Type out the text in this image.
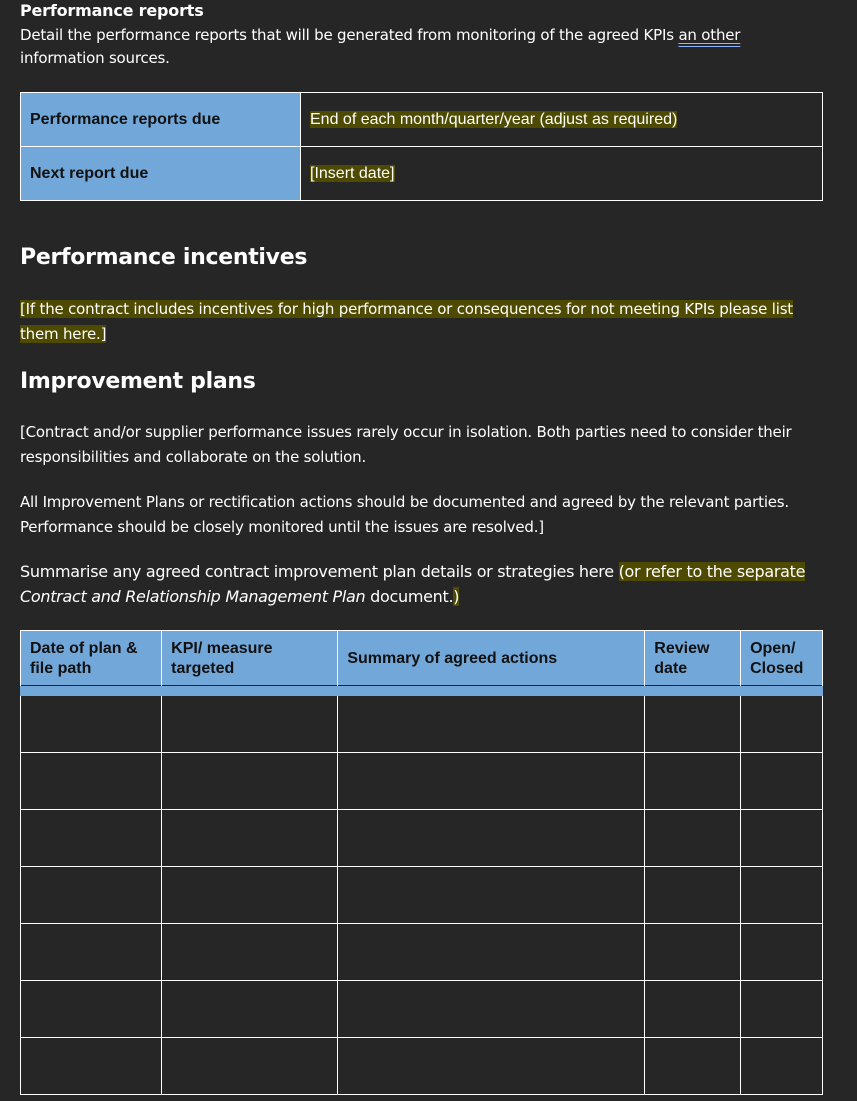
Performance reports
Detail the performance reports that will be generated from monitoring of the agreed KPIs an other
information sources.
Performance reports due	End of each month/quarter/year (adjust as required)
Next report due	[Insert date]
Performance incentives
[If the contract includes incentives for high performance or consequences for not meeting KPIs please list them here.]
Improvement plans
[Contract and/or supplier performance issues rarely occur in isolation. Both parties need to consider their responsibilities and collaborate on the solution.
All Improvement Plans or rectification actions should be documented and agreed by the relevant parties. Performance should be closely monitored until the issues are resolved.]
Summarise any agreed contract improvement plan details or strategies here (or refer to the separate Contract and Relationship Management Plan document.)
Date of plan & file path	KPI/ measure targeted	Summary of agreed actions	Review date	Open/ Closed
